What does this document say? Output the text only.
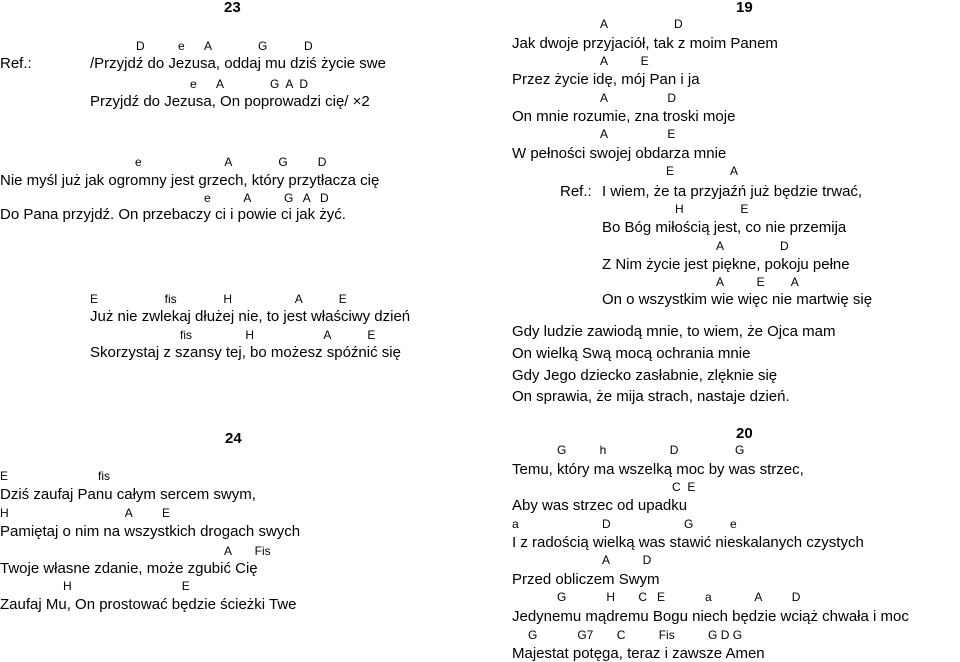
23
Ref.:
D          e      A              G           D
/Przyjdź do Jezusa, oddaj mu dziś życie swe
e      A              G  A  D
Przyjdź do Jezusa, On poprowadzi cię/ ×2
e                         A              G         D
Nie myśl już jak ogromny jest grzech, który przytłacza cię
e          A          G   A   D
Do Pana przyjdź. On przebaczy ci i powie ci jak żyć.
E                    fis              H                   A           E
Już nie zwlekaj dłużej nie, to jest właściwy dzień
fis                H                     A           E
Skorzystaj z szansy tej, bo możesz spóźnić się
24
E                           fis
Dziś zaufaj Panu całym sercem swym,
H                                   A         E
Pamiętaj o nim na wszystkich drogach swych
A       Fis
Twoje własne zdanie, może zgubić Cię
H                                 E
Zaufaj Mu, On prostować będzie ścieżki Twe
19
A                    D
Jak dwoje przyjaciół, tak z moim Panem
A          E
Przez życie idę, mój Pan i ja
A                  D
On mnie rozumie, zna troski moje
A                  E
W pełności swojej obdarza mnie
Ref.:
E                 A
I wiem, że ta przyjaźń już będzie trwać,
H                 E
Bo Bóg miłością jest, co nie przemija
A                 D
Z Nim życie jest piękne, pokoju pełne
A          E        A
On o wszystkim wie więc nie martwię się
Gdy ludzie zawiodą mnie, to wiem, że Ojca mam
On wielką Swą mocą ochrania mnie
Gdy Jego dziecko zasłabnie, zlęknie się
On sprawia, że mija strach, nastaje dzień.
20
G          h                   D                 G
Temu, który ma wszelką moc by was strzec,
C  E
Aby was strzec od upadku
a                         D                      G           e
I z radością wielką was stawić nieskalanych czystych
A          D
Przed obliczem Swym
G            H       C   E            a             A         D
Jedynemu mądremu Bogu niech będzie wciąż chwała i moc
G            G7       C          Fis          G D G
Majestat potęga, teraz i zawsze Amen
